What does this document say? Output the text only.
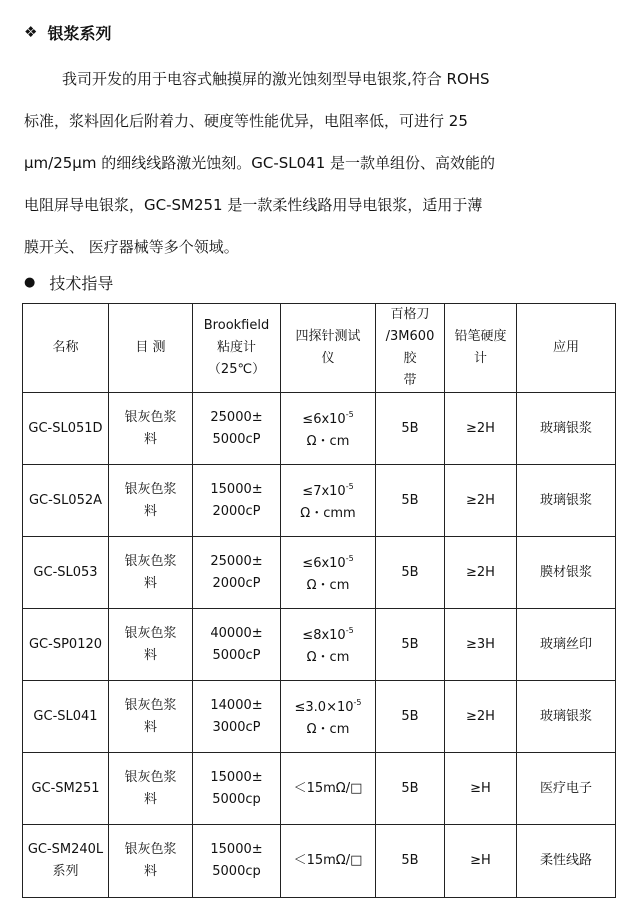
❖ 银浆系列
我司开发的用于电容式触摸屏的激光蚀刻型导电银浆,符合 ROHS
标准，浆料固化后附着力、硬度等性能优异，电阻率低，可进行 25
μm/25μm 的细线线路激光蚀刻。GC-SL041 是一款单组份、高效能的
电阻屏导电银浆，GC-SM251 是一款柔性线路用导电银浆，适用于薄
膜开关、 医疗器械等多个领域。
● 技术指导
名称	目 测	Brookfield
粘度计
（25℃）	四探针测试
仪	百格刀
/3M600 胶
带	铅笔硬度
计	应用
GC-SL051D	银灰色浆
料	25000±
5000cP	$\le 6x10^{-5}$
Ω・cm	5B	≥2H	玻璃银浆
GC-SL052A	银灰色浆
料	15000±
2000cP	$\le 7x10^{-5}$
Ω・cmm	5B	≥2H	玻璃银浆
GC-SL053	银灰色浆
料	25000±
2000cP	$\le 6x10^{-5}$
Ω・cm	5B	≥2H	膜材银浆
GC-SP0120	银灰色浆
料	40000±
5000cP	$\le 8x10^{-5}$
Ω・cm	5B	≥3H	玻璃丝印
GC-SL041	银灰色浆
料	14000±
3000cP	$\le 3.0\times 10^{-5}$
Ω・cm	5B	≥2H	玻璃银浆
GC-SM251	银灰色浆
料	15000±
5000cp	＜15mΩ/□	5B	≥H	医疗电子
GC-SM240L
系列	银灰色浆
料	15000±
5000cp	＜15mΩ/□	5B	≥H	柔性线路
